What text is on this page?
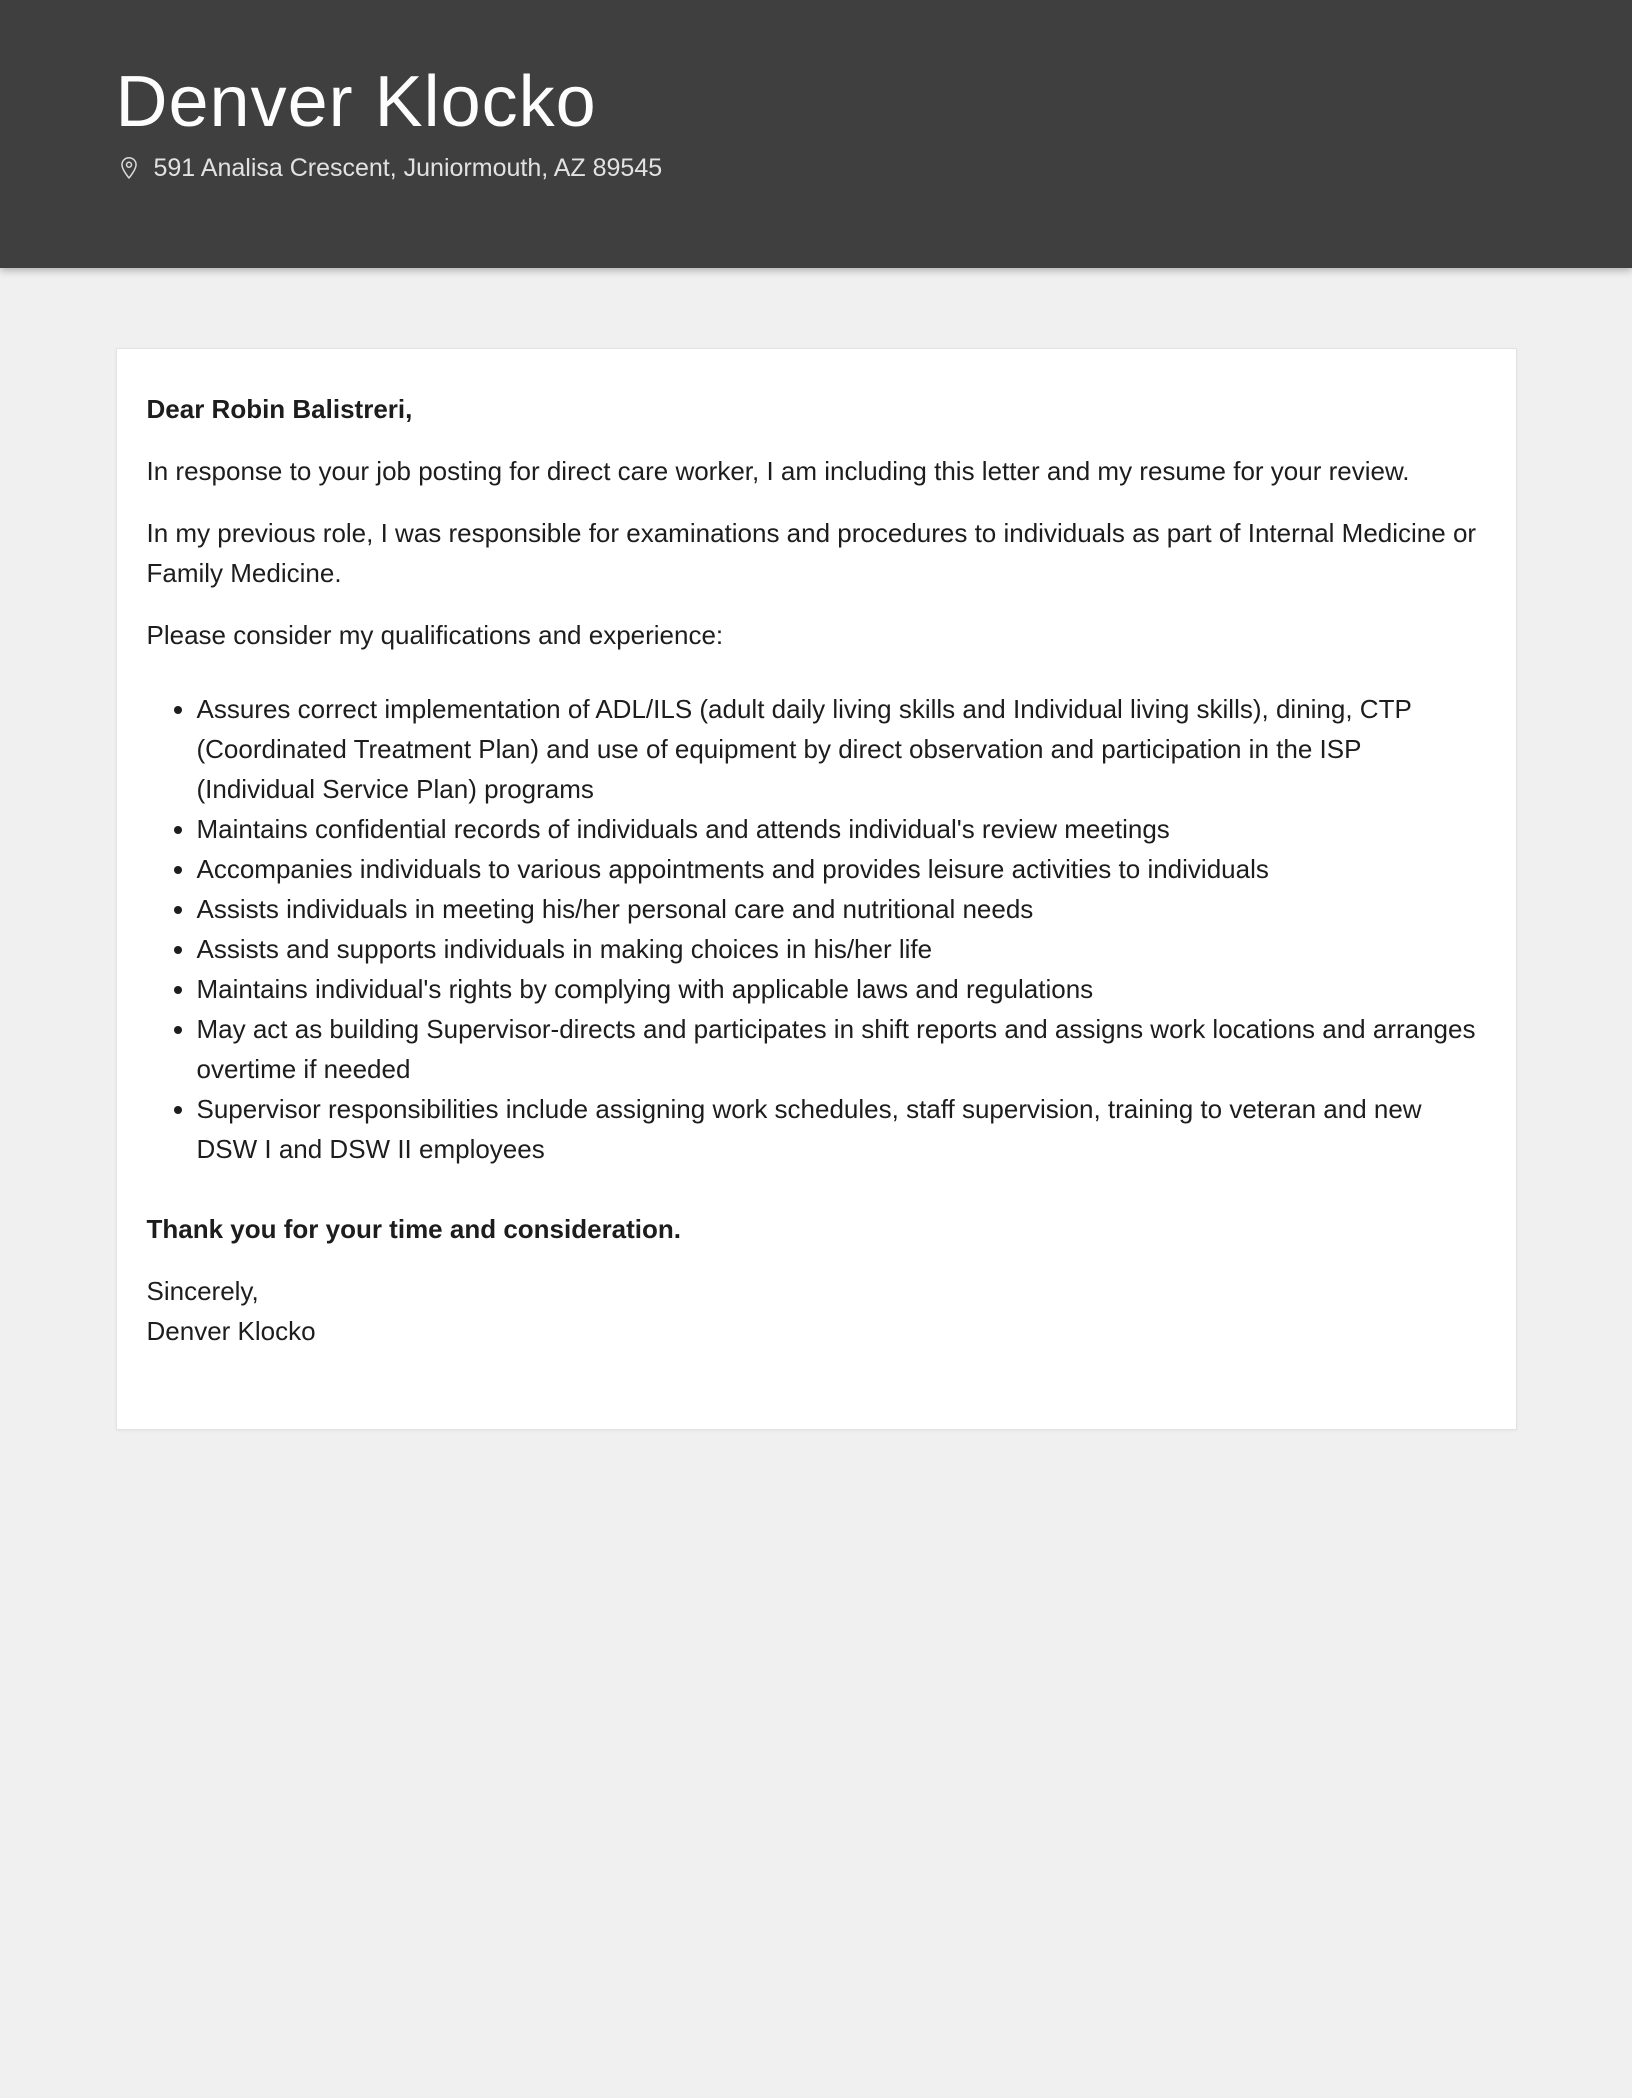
Denver Klocko
591 Analisa Crescent, Juniormouth, AZ 89545

Dear Robin Balistreri,

In response to your job posting for direct care worker, I am including this letter and my resume for your review.

In my previous role, I was responsible for examinations and procedures to individuals as part of Internal Medicine or Family Medicine.

Please consider my qualifications and experience:

• Assures correct implementation of ADL/ILS (adult daily living skills and Individual living skills), dining, CTP (Coordinated Treatment Plan) and use of equipment by direct observation and participation in the ISP (Individual Service Plan) programs
• Maintains confidential records of individuals and attends individual's review meetings
• Accompanies individuals to various appointments and provides leisure activities to individuals
• Assists individuals in meeting his/her personal care and nutritional needs
• Assists and supports individuals in making choices in his/her life
• Maintains individual's rights by complying with applicable laws and regulations
• May act as building Supervisor-directs and participates in shift reports and assigns work locations and arranges overtime if needed
• Supervisor responsibilities include assigning work schedules, staff supervision, training to veteran and new DSW I and DSW II employees

Thank you for your time and consideration.

Sincerely,
Denver Klocko
